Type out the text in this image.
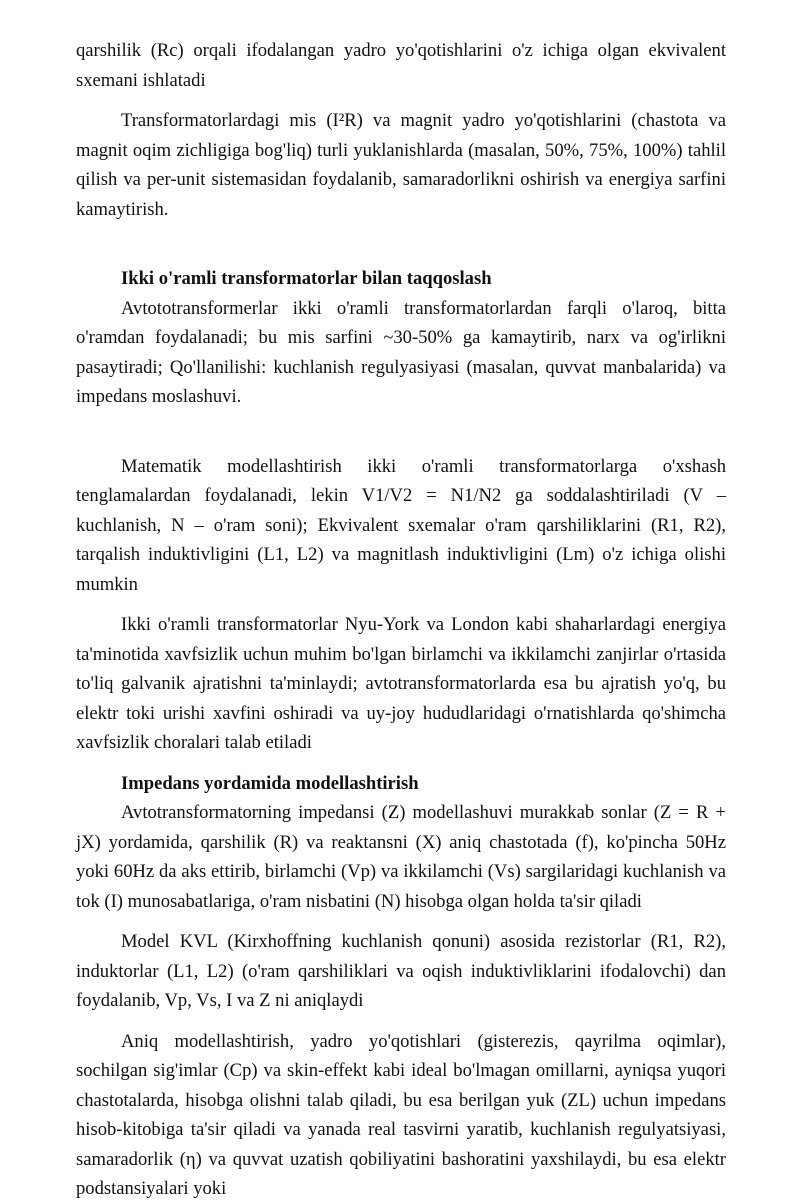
qarshilik (Rc) orqali ifodalangan yadro yo'qotishlarini o'z ichiga olgan ekvivalent sxemani ishlatadi

Transformatorlardagi mis (I²R) va magnit yadro yo'qotishlarini (chastota va magnit oqim zichligiga bog'liq) turli yuklanishlarda (masalan, 50%, 75%, 100%) tahlil qilish va per-unit sistemasidan foydalanib, samaradorlikni oshirish va energiya sarfini kamaytirish.

Ikki o'ramli transformatorlar bilan taqqoslash

Avtototransformerlar ikki o'ramli transformatorlardan farqli o'laroq, bitta o'ramdan foydalanadi; bu mis sarfini ~30-50% ga kamaytirib, narx va og'irlikni pasaytiradi; Qo'llanilishi: kuchlanish regulyasiyasi (masalan, quvvat manbalarida) va impedans moslashuvi.

Matematik modellashtirish ikki o'ramli transformatorlarga o'xshash tenglamalardan foydalanadi, lekin V1/V2 = N1/N2 ga soddalashtiriladi (V – kuchlanish, N – o'ram soni); Ekvivalent sxemalar o'ram qarshiliklarini (R1, R2), tarqalish induktivligini (L1, L2) va magnitlash induktivligini (Lm) o'z ichiga olishi mumkin

Ikki o'ramli transformatorlar Nyu-York va London kabi shaharlardagi energiya ta'minotida xavfsizlik uchun muhim bo'lgan birlamchi va ikkilamchi zanjirlar o'rtasida to'liq galvanik ajratishni ta'minlaydi; avtotransformatorlarda esa bu ajratish yo'q, bu elektr toki urishi xavfini oshiradi va uy-joy hududlaridagi o'rnatishlarda qo'shimcha xavfsizlik choralari talab etiladi

Impedans yordamida modellashtirish

Avtotransformatorning impedansi (Z) modellashuvi murakkab sonlar (Z = R + jX) yordamida, qarshilik (R) va reaktansni (X) aniq chastotada (f), ko'pincha 50Hz yoki 60Hz da aks ettirib, birlamchi (Vp) va ikkilamchi (Vs) sargilaridagi kuchlanish va tok (I) munosabatlariga, o'ram nisbatini (N) hisobga olgan holda ta'sir qiladi

Model KVL (Kirxhoffning kuchlanish qonuni) asosida rezistorlar (R1, R2), induktorlar (L1, L2) (o'ram qarshiliklari va oqish induktivliklarini ifodalovchi) dan foydalanib, Vp, Vs, I va Z ni aniqlaydi

Aniq modellashtirish, yadro yo'qotishlari (gisterezis, qayrilma oqimlar), sochilgan sig'imlar (Cp) va skin-effekt kabi ideal bo'lmagan omillarni, ayniqsa yuqori chastotalarda, hisobga olishni talab qiladi, bu esa berilgan yuk (ZL) uchun impedans hisob-kitobiga ta'sir qiladi va yanada real tasvirni yaratib, kuchlanish regulyatsiyasi, samaradorlik (η) va quvvat uzatish qobiliyatini bashoratini yaxshilaydi, bu esa elektr podstansiyalari yoki
